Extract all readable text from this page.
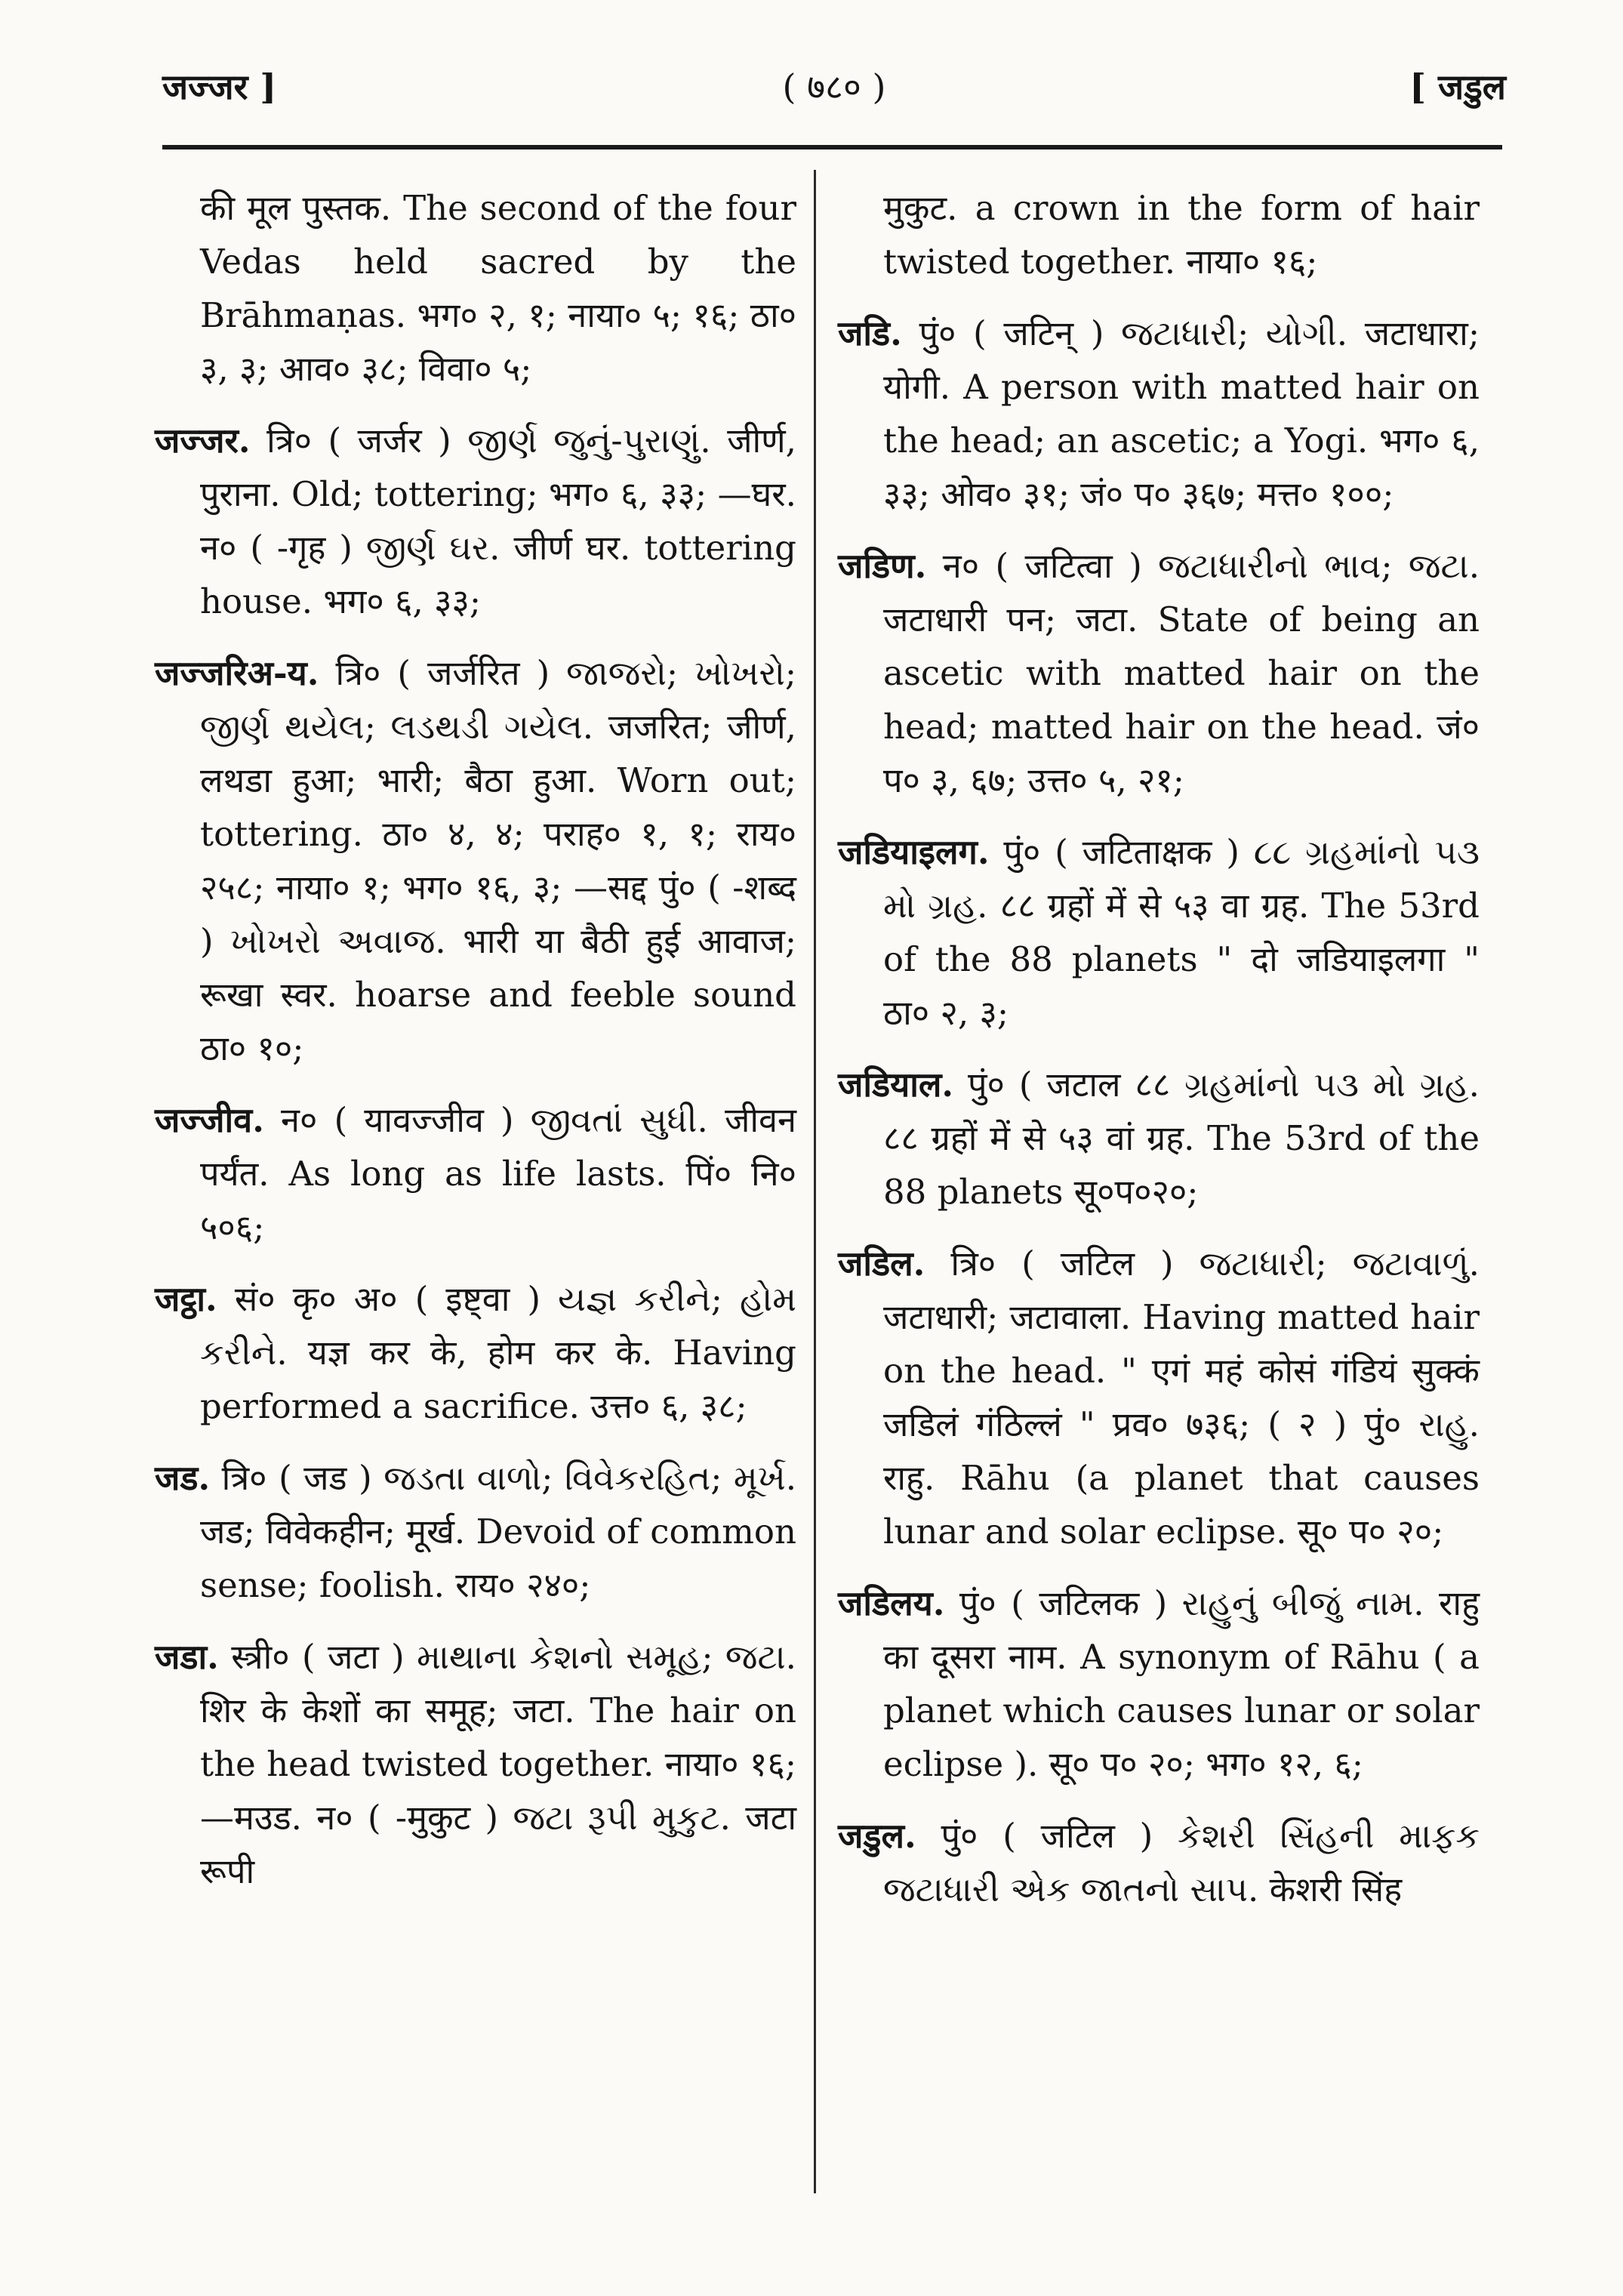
जज्जर ]	( ७८० )	[ जडुल

की मूल पुस्तक. The second of the four Vedas held sacred by the Brāhmaṇas. भग० २, १; नाया० ५; १६; ठा० ३, ३; आव० ३८; विवा० ५;

जज्जर. त्रि० ( जर्जर ) જીર્ણ જુનું-પુરાણું. जीर्ण, पुराना. Old; tottering; भग० ६, ३३; —घर. न० ( -गृह ) જીર્ણ ઘર. जीर्ण घर. tottering house. भग० ६, ३३;

जज्जरिअ-य. त्रि० ( जर्जरित ) જાજરો; ખોખરો; જીર્ણ થયેલ; લડથડી ગયેલ. जजरित; जीर्ण, लथडा हुआ; भारी; बैठा हुआ. Worn out; tottering. ठा० ४, ४; पराह० १, १; राय० २५८; नाया० १; भग० १६, ३; —सद्द पुं० ( -शब्द ) ખોખરો અવાજ. भारी या बैठी हुई आवाज; रूखा स्वर. hoarse and feeble sound ठा० १०;

जज्जीव. न० ( यावज्जीव ) જીવતાં સુધી. जीवन पर्यंत. As long as life lasts. पिं० नि० ५०६;

जट्ठा. सं० कृ० अ० ( इष्ट्वा ) યજ્ઞ કરીને; હોમ કરીને. यज्ञ कर के, होम कर के. Having performed a sacrifice. उत्त० ६, ३८;

जड. त्रि० ( जड ) જડતા વાળો; વિવેકરહિત; મૂર્ખ. जड; विवेकहीन; मूर्ख. Devoid of common sense; foolish. राय० २४०;

जडा. स्त्री० ( जटा ) માથાના કેશનો સમૂહ; જટા. शिर के केशों का समूह; जटा. The hair on the head twisted together. नाया० १६; —मउड. न० ( -मुकुट ) જટા રૂપી મુકુટ. जटा रूपी

मुकुट. a crown in the form of hair twisted together. नाया० १६;

जडि. पुं० ( जटिन् ) જટાધારી; યોગી. जटाधारा; योगी. A person with matted hair on the head; an ascetic; a Yogi. भग० ६, ३३; ओव० ३१; जं० प० ३६७; मत्त० १००;

जडिण. न० ( जटित्वा ) જટાધારીનો ભાવ; જટા. जटाधारी पन; जटा. State of being an ascetic with matted hair on the head; matted hair on the head. जं० प० ३, ६७; उत्त० ५, २१;

जडियाइलग. पुं० ( जटिताक्षक ) ૮૮ ગ્રહમાંનો ૫૩ મો ગ્રહ. ८८ ग्रहों में से ५३ वा ग्रह. The 53rd of the 88 planets " दो जडियाइलगा " ठा० २, ३;

जडियाल. पुं० ( जटाल ८८ ગ્રહમાંનો ૫૩ મો ગ્રહ. ८८ ग्रहों में से ५३ वां ग्रह. The 53rd of the 88 planets सू०प०२०;

जडिल. त्रि० ( जटिल ) જટાધારી; જટાવાળું. जटाधारी; जटावाला. Having matted hair on the head. " एगं महं कोसं गंडियं सुक्कं जडिलं गंठिल्लं " प्रव० ७३६; ( २ ) पुं० રાહુ. राहु. Rāhu (a planet that causes lunar and solar eclipse. सू० प० २०;

जडिलय. पुं० ( जटिलक ) રાહુનું બીજું નામ. राहु का दूसरा नाम. A synonym of Rāhu ( a planet which causes lunar or solar eclipse ). सू० प० २०; भग० १२, ६;

जडुल. पुं० ( जटिल ) કેશરી સિંહની માફક જટાધારી એક જાતનો સાપ. केशरी सिंह
